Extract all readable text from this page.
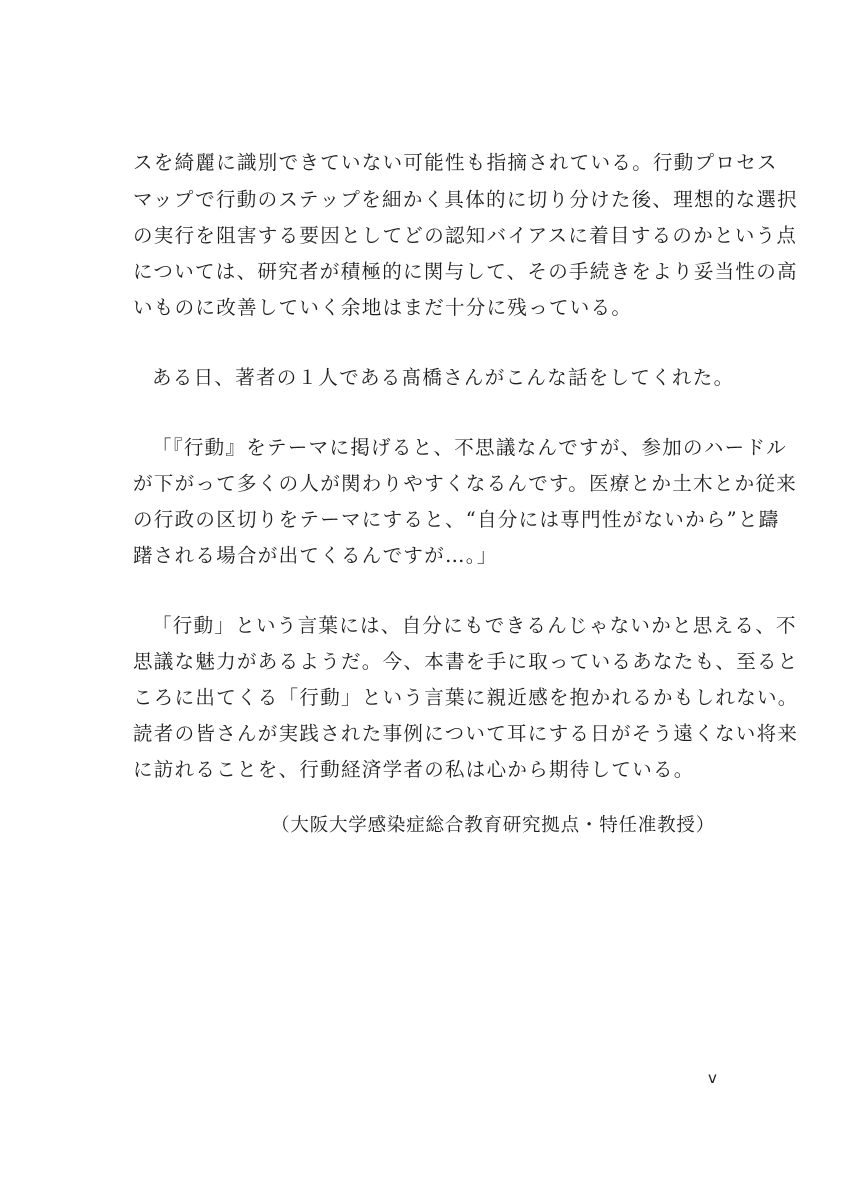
スを綺麗に識別できていない可能性も指摘されている。行動プロセス
マップで行動のステップを細かく具体的に切り分けた後、理想的な選択
の実行を阻害する要因としてどの認知バイアスに着目するのかという点
については、研究者が積極的に関与して、その手続きをより妥当性の高
いものに改善していく余地はまだ十分に残っている。
ある日、著者の１人である髙橋さんがこんな話をしてくれた。
「『行動』をテーマに掲げると、不思議なんですが、参加のハードル
が下がって多くの人が関わりやすくなるんです。医療とか土木とか従来
の行政の区切りをテーマにすると、“自分には専門性がないから”と躊
躇される場合が出てくるんですが…。」
「行動」という言葉には、自分にもできるんじゃないかと思える、不
思議な魅力があるようだ。今、本書を手に取っているあなたも、至ると
ころに出てくる「行動」という言葉に親近感を抱かれるかもしれない。
読者の皆さんが実践された事例について耳にする日がそう遠くない将来
に訪れることを、行動経済学者の私は心から期待している。
（大阪大学感染症総合教育研究拠点・特任准教授）
v
